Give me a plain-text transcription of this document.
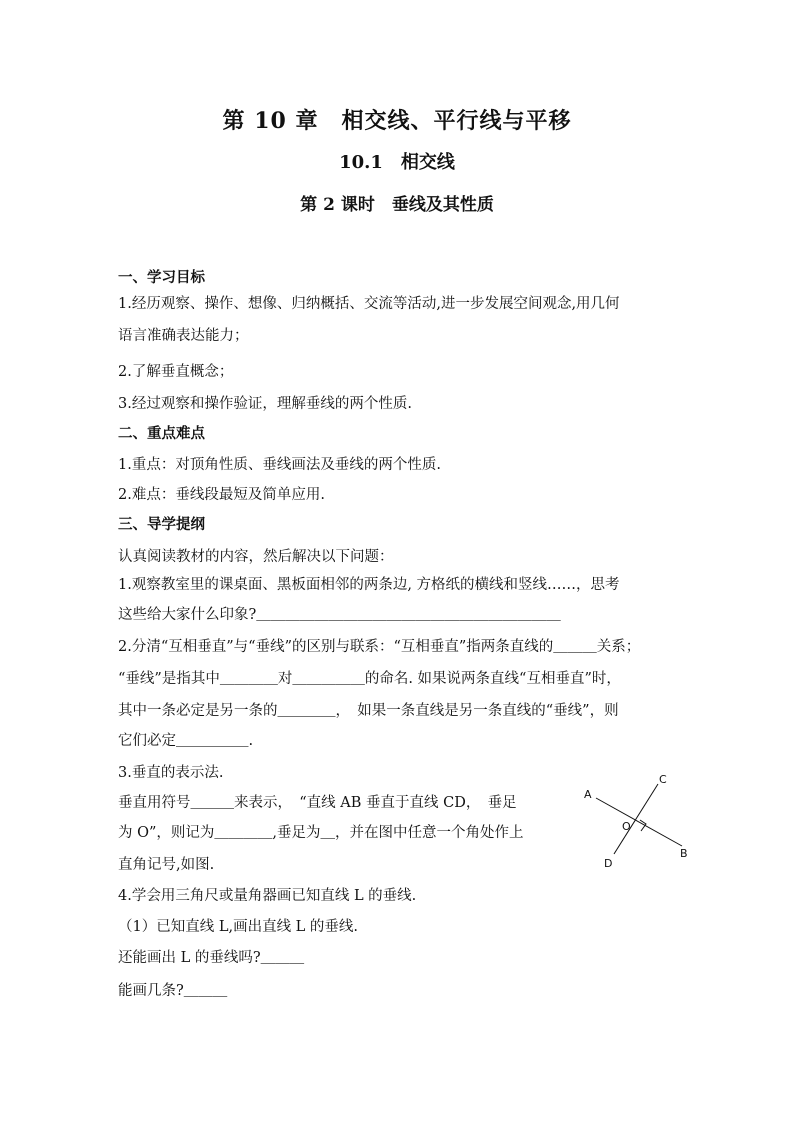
第 10 章　相交线、平行线与平移
10.1　相交线
第 2 课时　垂线及其性质

一、学习目标

1.经历观察、操作、想像、归纳概括、交流等活动,进一步发展空间观念,用几何

语言准确表达能力；

2.了解垂直概念；

3.经过观察和操作验证，理解垂线的两个性质.

二、重点难点

1.重点：对顶角性质、垂线画法及垂线的两个性质.

2.难点：垂线段最短及简单应用.

三、导学提纲

认真阅读教材的内容，然后解决以下问题：

1.观察教室里的课桌面、黑板面相邻的两条边, 方格纸的横线和竖线……，思考

这些给大家什么印象?＿＿＿＿＿＿＿＿＿＿＿＿＿＿＿＿＿＿＿＿＿

2.分清“互相垂直”与“垂线”的区别与联系：“互相垂直”指两条直线的＿＿＿关系；

“垂线”是指其中＿＿＿＿对＿＿＿＿＿的命名. 如果说两条直线“互相垂直”时，

其中一条必定是另一条的＿＿＿＿，　如果一条直线是另一条直线的“垂线”，则

它们必定＿＿＿＿＿.

3.垂直的表示法.

垂直用符号＿＿＿来表示，　“直线 AB 垂直于直线 CD，　垂足

为 O”，则记为＿＿＿＿,垂足为＿，并在图中任意一个角处作上

直角记号,如图.

4.学会用三角尺或量角器画已知直线 L 的垂线.

（1）已知直线 L,画出直线 L 的垂线.

还能画出 L 的垂线吗?＿＿＿

能画几条?＿＿＿

A
B
C
D
O
